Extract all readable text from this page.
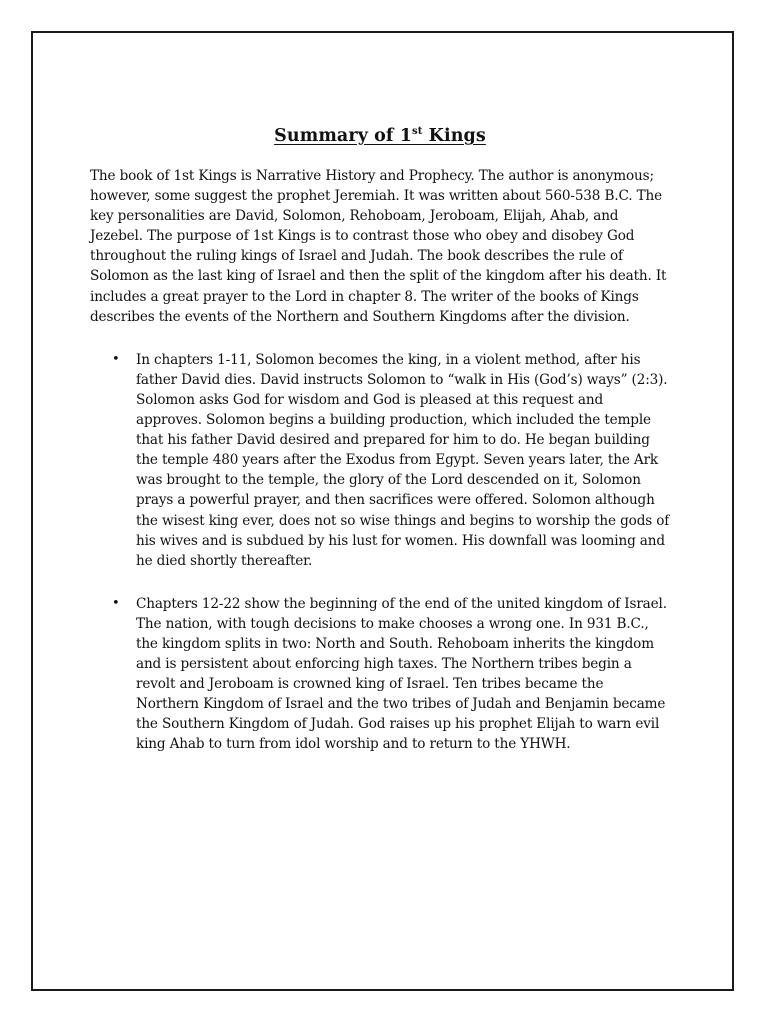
Summary of 1st Kings

The book of 1st Kings is Narrative History and Prophecy. The author is anonymous; however, some suggest the prophet Jeremiah. It was written about 560-538 B.C. The key personalities are David, Solomon, Rehoboam, Jeroboam, Elijah, Ahab, and Jezebel. The purpose of 1st Kings is to contrast those who obey and disobey God throughout the ruling kings of Israel and Judah. The book describes the rule of Solomon as the last king of Israel and then the split of the kingdom after his death. It includes a great prayer to the Lord in chapter 8. The writer of the books of Kings describes the events of the Northern and Southern Kingdoms after the division.

• In chapters 1-11, Solomon becomes the king, in a violent method, after his father David dies. David instructs Solomon to “walk in His (God’s) ways” (2:3). Solomon asks God for wisdom and God is pleased at this request and approves. Solomon begins a building production, which included the temple that his father David desired and prepared for him to do. He began building the temple 480 years after the Exodus from Egypt. Seven years later, the Ark was brought to the temple, the glory of the Lord descended on it, Solomon prays a powerful prayer, and then sacrifices were offered. Solomon although the wisest king ever, does not so wise things and begins to worship the gods of his wives and is subdued by his lust for women. His downfall was looming and he died shortly thereafter.
• Chapters 12-22 show the beginning of the end of the united kingdom of Israel. The nation, with tough decisions to make chooses a wrong one. In 931 B.C., the kingdom splits in two: North and South. Rehoboam inherits the kingdom and is persistent about enforcing high taxes. The Northern tribes begin a revolt and Jeroboam is crowned king of Israel. Ten tribes became the Northern Kingdom of Israel and the two tribes of Judah and Benjamin became the Southern Kingdom of Judah. God raises up his prophet Elijah to warn evil king Ahab to turn from idol worship and to return to the YHWH.
